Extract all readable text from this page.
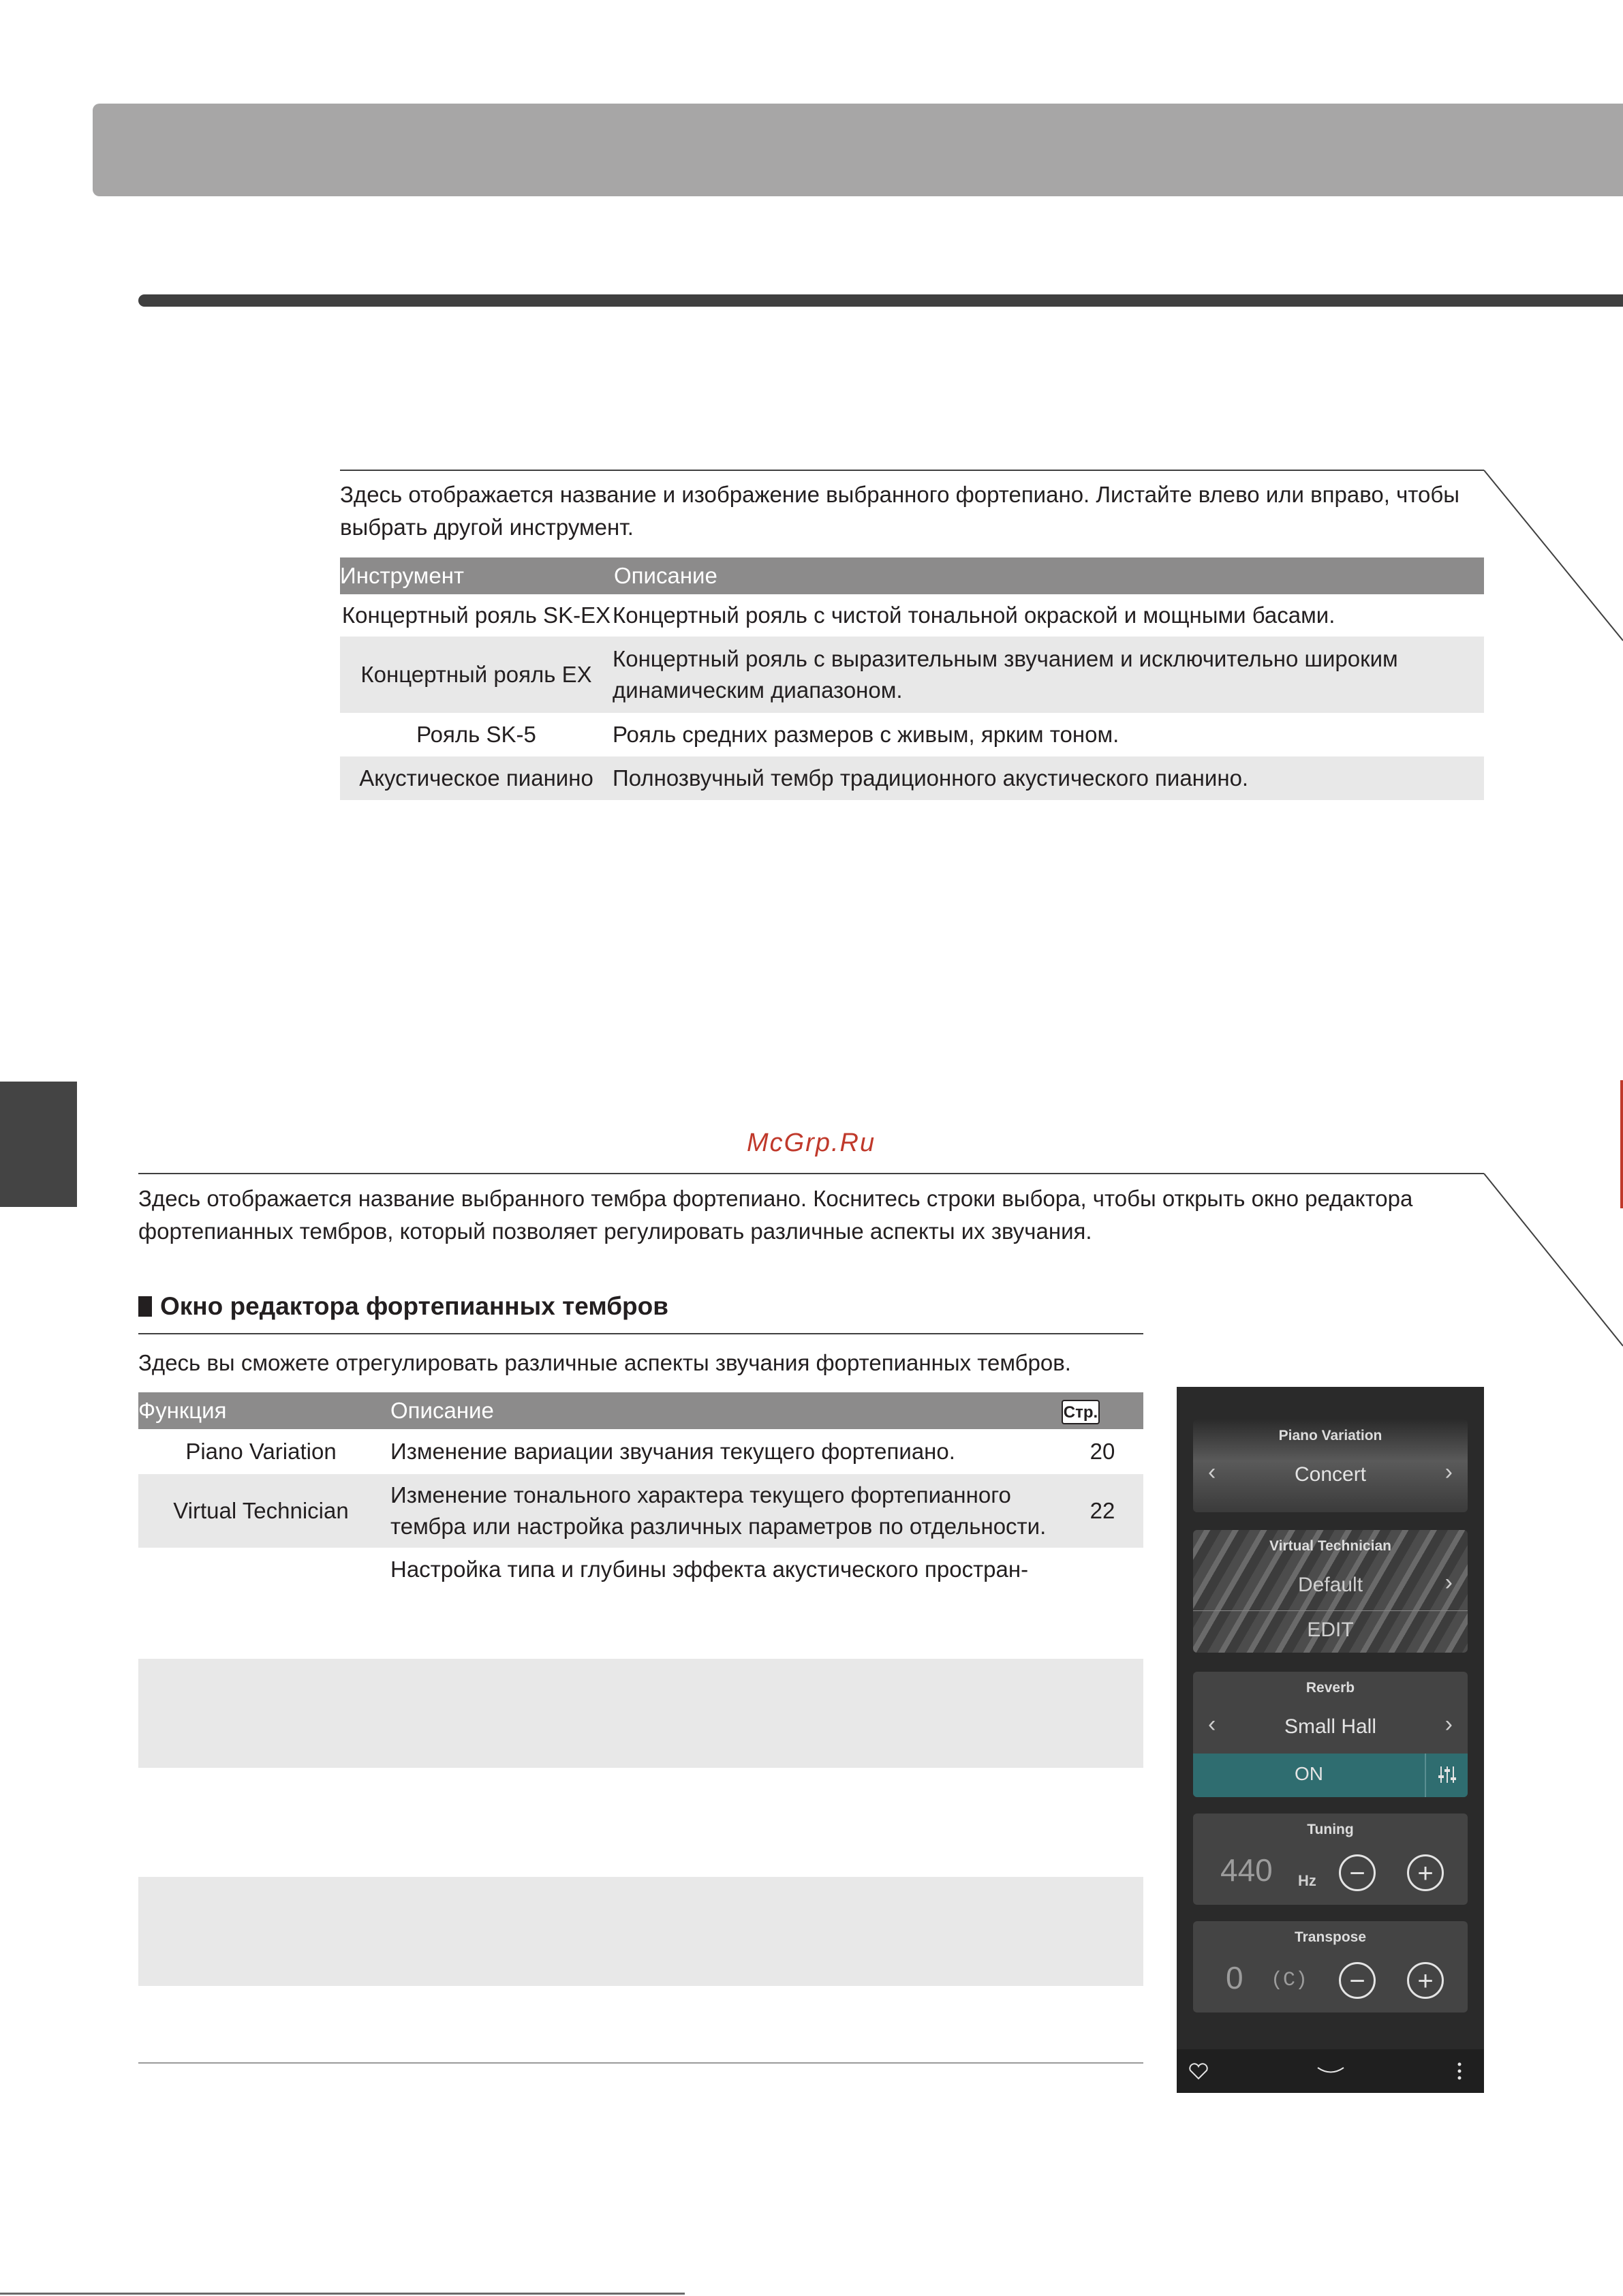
Здесь отображается название и изображение выбранного фортепиано. Листайте влево или вправо, чтобы
выбрать другой инструмент.
Инструмент	Описание
Концертный рояль SK-EX	Концертный рояль с чистой тональной окраской и мощными басами.
Концертный рояль EX	Концертный рояль с выразительным звучанием и исключительно широким
динамическим диапазоном.

Рояль SK-5	Рояль средних размеров с живым, ярким тоном.
Акустическое пианино	Полнозвучный тембр традиционного акустического пианино.
McGrp.Ru
Здесь отображается название выбранного тембра фортепиано. Коснитесь строки выбора, чтобы открыть окно редактора
фортепианных тембров, который позволяет регулировать различные аспекты их звучания.
Окно редактора фортепианных тембров
Здесь вы сможете отрегулировать различные аспекты звучания фортепианных тембров.
Функция	Описание	Стр.
Piano Variation	Изменение вариации звучания текущего фортепиано.	20
Virtual Technician	Изменение тонального характера текущего фортепианного
тембра или настройка различных параметров по отдельности.	22
	Настройка типа и глубины эффекта акустического простран-	
Piano Variation
‹	Concert	›
Virtual Technician
Default	›
EDIT
Reverb
‹	Small Hall	›
ON
Tuning
440 Hz	−	+
Transpose
0 (C)	−	+
